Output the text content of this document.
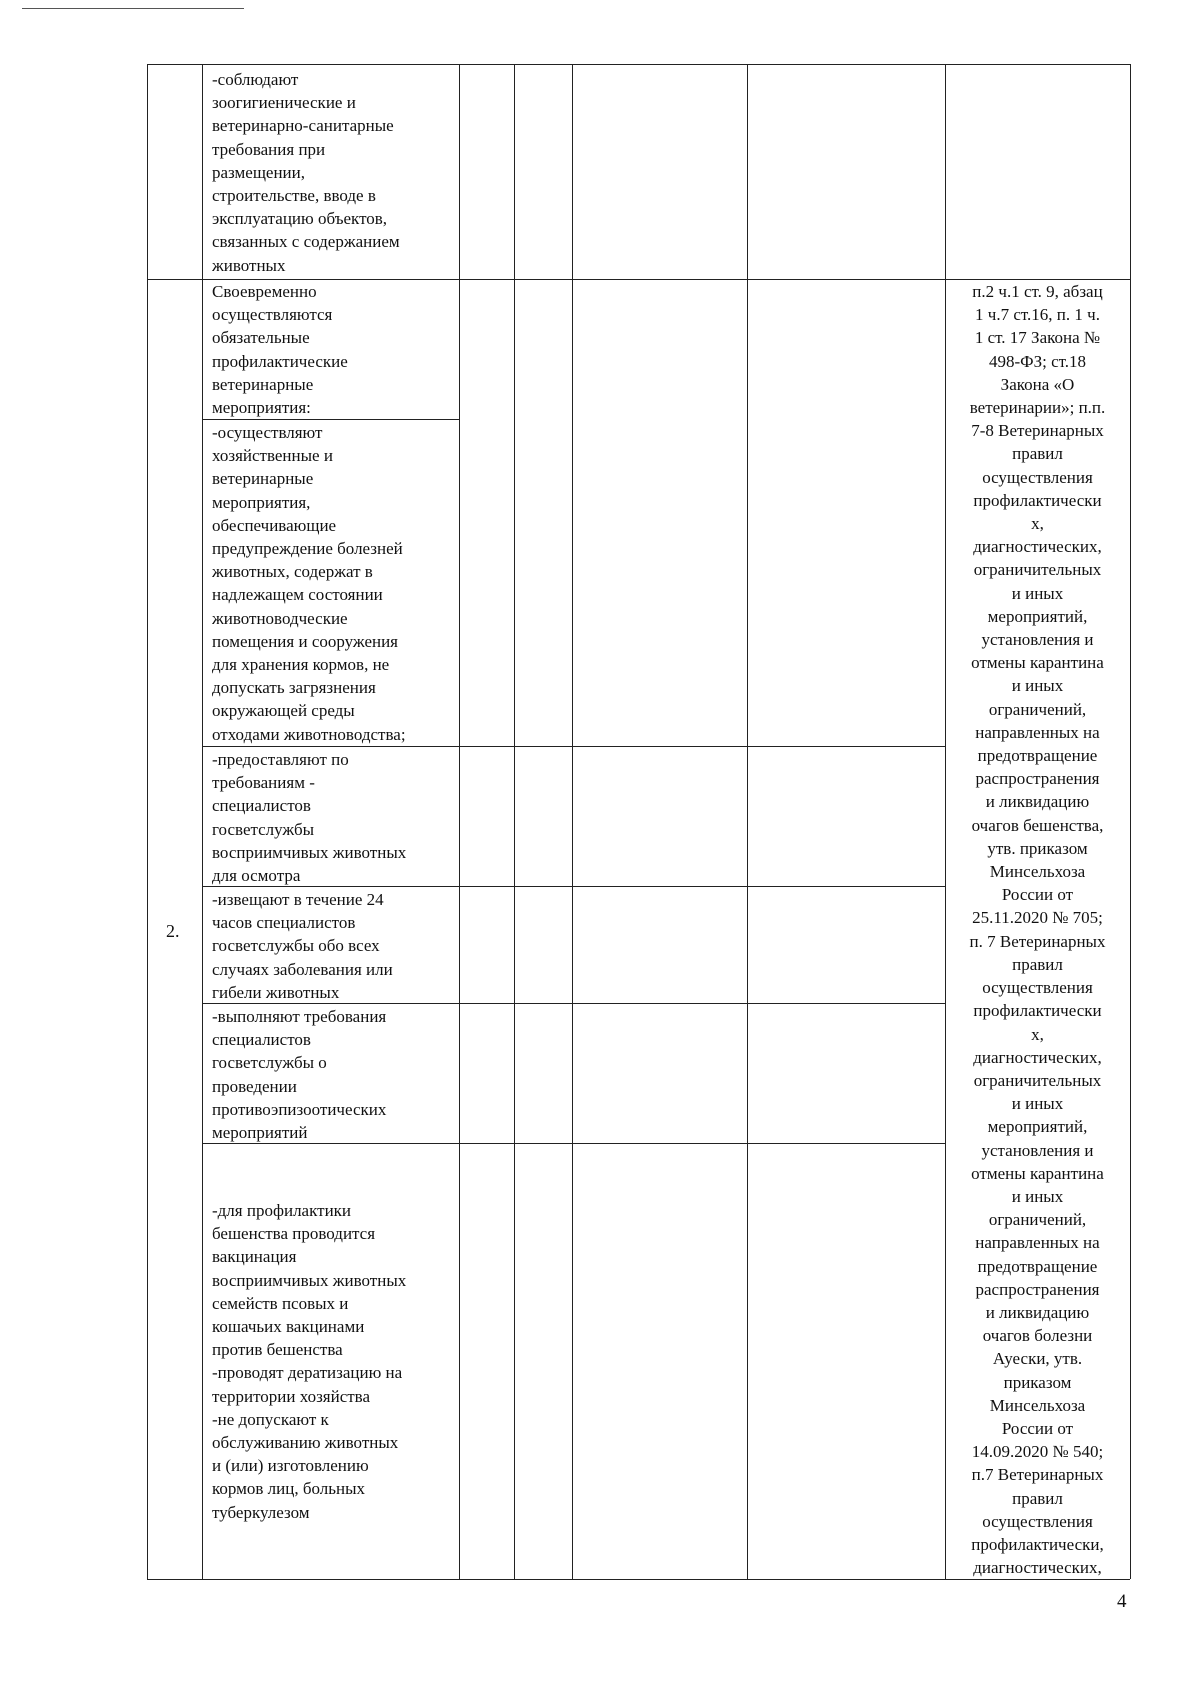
-соблюдают
зоогигиенические и
ветеринарно-санитарные
требования при
размещении,
строительстве, вводе в
эксплуатацию объектов,
связанных с содержанием
животных
2.
Своевременно
осуществляются
обязательные
профилактические
ветеринарные
мероприятия:
-осуществляют
хозяйственные и
ветеринарные
мероприятия,
обеспечивающие
предупреждение болезней
животных, содержат в
надлежащем состоянии
животноводческие
помещения и сооружения
для хранения кормов, не
допускать загрязнения
окружающей среды
отходами животноводства;
-предоставляют по
требованиям -
специалистов
госветслужбы
восприимчивых животных
для осмотра
-извещают в течение 24
часов специалистов
госветслужбы обо всех
случаях заболевания или
гибели животных
-выполняют требования
специалистов
госветслужбы о
проведении
противоэпизоотических
мероприятий
-для профилактики
бешенства проводится
вакцинация
восприимчивых животных
семейств псовых и
кошачьих вакцинами
против бешенства
-проводят дератизацию на
территории хозяйства
-не допускают к
обслуживанию животных
и (или) изготовлению
кормов лиц, больных
туберкулезом
п.2 ч.1 ст. 9, абзац
1 ч.7 ст.16, п. 1 ч.
1 ст. 17 Закона №
498-ФЗ; ст.18
Закона «О
ветеринарии»; п.п.
7-8 Ветеринарных
правил
осуществления
профилактически
х,
диагностических,
ограничительных
и иных
мероприятий,
установления и
отмены карантина
и иных
ограничений,
направленных на
предотвращение
распространения
и ликвидацию
очагов бешенства,
утв. приказом
Минсельхоза
России от
25.11.2020 № 705;
п. 7 Ветеринарных
правил
осуществления
профилактически
х,
диагностических,
ограничительных
и иных
мероприятий,
установления и
отмены карантина
и иных
ограничений,
направленных на
предотвращение
распространения
и ликвидацию
очагов болезни
Ауески, утв.
приказом
Минсельхоза
России от
14.09.2020 № 540;
п.7 Ветеринарных
правил
осуществления
профилактически,
диагностических,
4
